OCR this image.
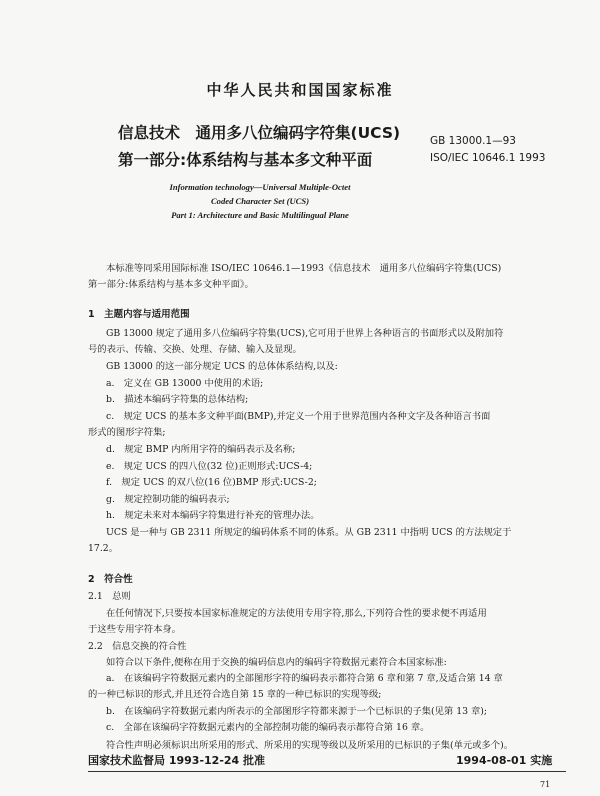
中华人民共和国国家标准
信息技术　通用多八位编码字符集(UCS)
第一部分:体系结构与基本多文种平面
GB 13000.1—93
ISO/IEC 10646.1 1993
Information technology—Universal Multiple-Octet
Coded Character Set (UCS)
Part 1: Architecture and Basic Multilingual Plane
本标准等同采用国际标准 ISO/IEC 10646.1—1993《信息技术　通用多八位编码字符集(UCS)
第一部分:体系结构与基本多文种平面》。
1　主题内容与适用范围
GB 13000 规定了通用多八位编码字符集(UCS),它可用于世界上各种语言的书面形式以及附加符
号的表示、传输、交换、处理、存储、输入及显现。
GB 13000 的这一部分规定 UCS 的总体体系结构,以及:
a.　 定义在 GB 13000 中使用的术语;
b.　 描述本编码字符集的总体结构;
c.　 规定 UCS 的基本多文种平面(BMP),并定义一个用于世界范围内各种文字及各种语言书面
形式的图形字符集;
d.　 规定 BMP 内所用字符的编码表示及名称;
e.　 规定 UCS 的四八位(32 位)正则形式:UCS-4;
f.　 规定 UCS 的双八位(16 位)BMP 形式:UCS-2;
g.　 规定控制功能的编码表示;
h.　 规定未来对本编码字符集进行补充的管理办法。
UCS 是一种与 GB 2311 所规定的编码体系不同的体系。从 GB 2311 中指明 UCS 的方法规定于
17.2。
2　符合性
2.1　总则
在任何情况下,只要按本国家标准规定的方法使用专用字符,那么,下列符合性的要求便不再适用
于这些专用字符本身。
2.2　信息交换的符合性
如符合以下条件,便称在用于交换的编码信息内的编码字符数据元素符合本国家标准:
a.　 在该编码字符数据元素内的全部图形字符的编码表示都符合第 6 章和第 7 章,及适合第 14 章
的一种已标识的形式,并且还符合选自第 15 章的一种已标识的实现等级;
b.　 在该编码字符数据元素内所表示的全部图形字符都来源于一个已标识的子集(见第 13 章);
c.　 全部在该编码字符数据元素内的全部控制功能的编码表示都符合第 16 章。
符合性声明必须标识出所采用的形式、所采用的实现等级以及所采用的已标识的子集(单元或多个)。
国家技术监督局 1993-12-24 批准	1994-08-01 实施
71
